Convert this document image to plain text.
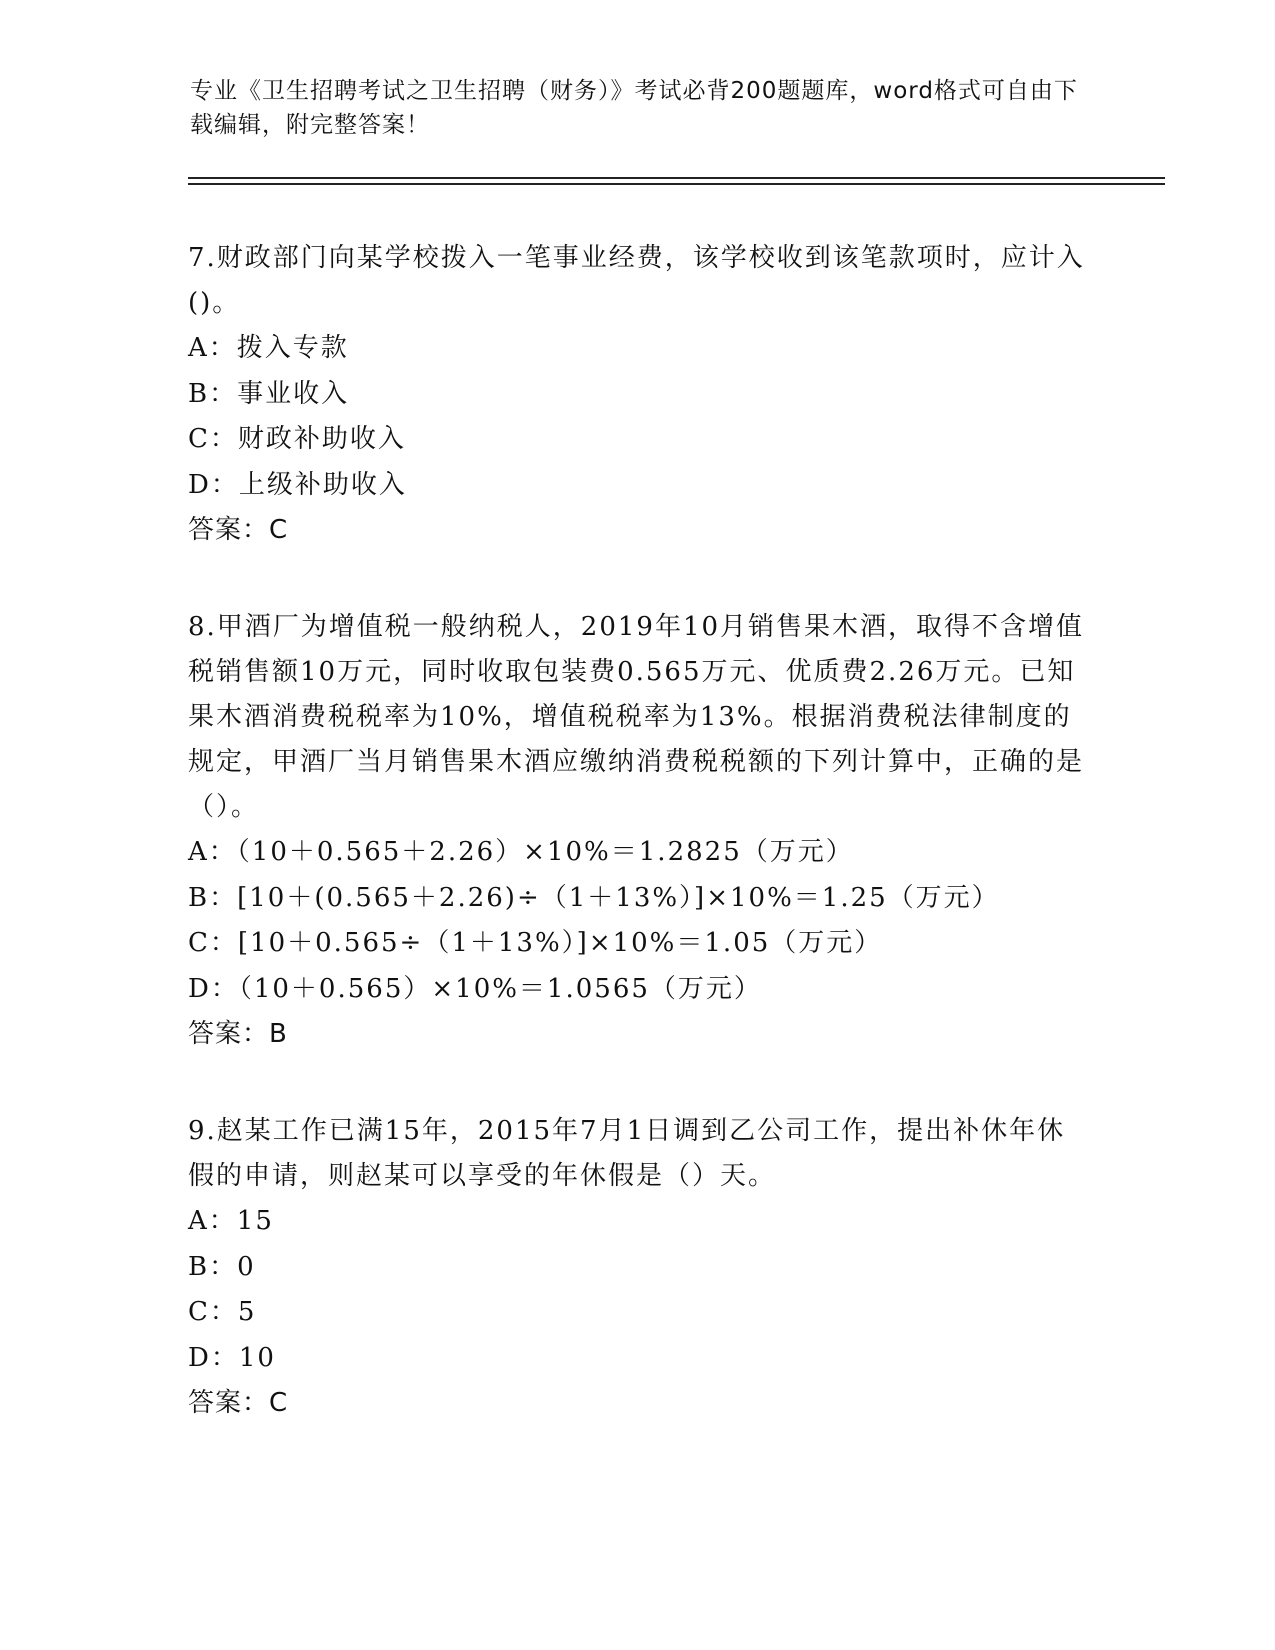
专业《卫生招聘考试之卫生招聘（财务）》考试必背200题题库，word格式可自由下载编辑，附完整答案！
7.财政部门向某学校拨入一笔事业经费，该学校收到该笔款项时，应计入()。
A：拨入专款
B：事业收入
C：财政补助收入
D：上级补助收入
答案：C
8.甲酒厂为增值税一般纳税人，2019年10月销售果木酒，取得不含增值税销售额10万元，同时收取包装费0.565万元、优质费2.26万元。已知果木酒消费税税率为10%，增值税税率为13%。根据消费税法律制度的规定，甲酒厂当月销售果木酒应缴纳消费税税额的下列计算中，正确的是（）。
A：（10＋0.565＋2.26）×10%＝1.2825（万元）
B：[10＋(0.565＋2.26)÷（1＋13%）]×10%＝1.25（万元）
C：[10＋0.565÷（1＋13%）]×10%＝1.05（万元）
D：（10＋0.565）×10%＝1.0565（万元）
答案：B
9.赵某工作已满15年，2015年7月1日调到乙公司工作，提出补休年休假的申请，则赵某可以享受的年休假是（）天。
A：15
B：0
C：5
D：10
答案：C
